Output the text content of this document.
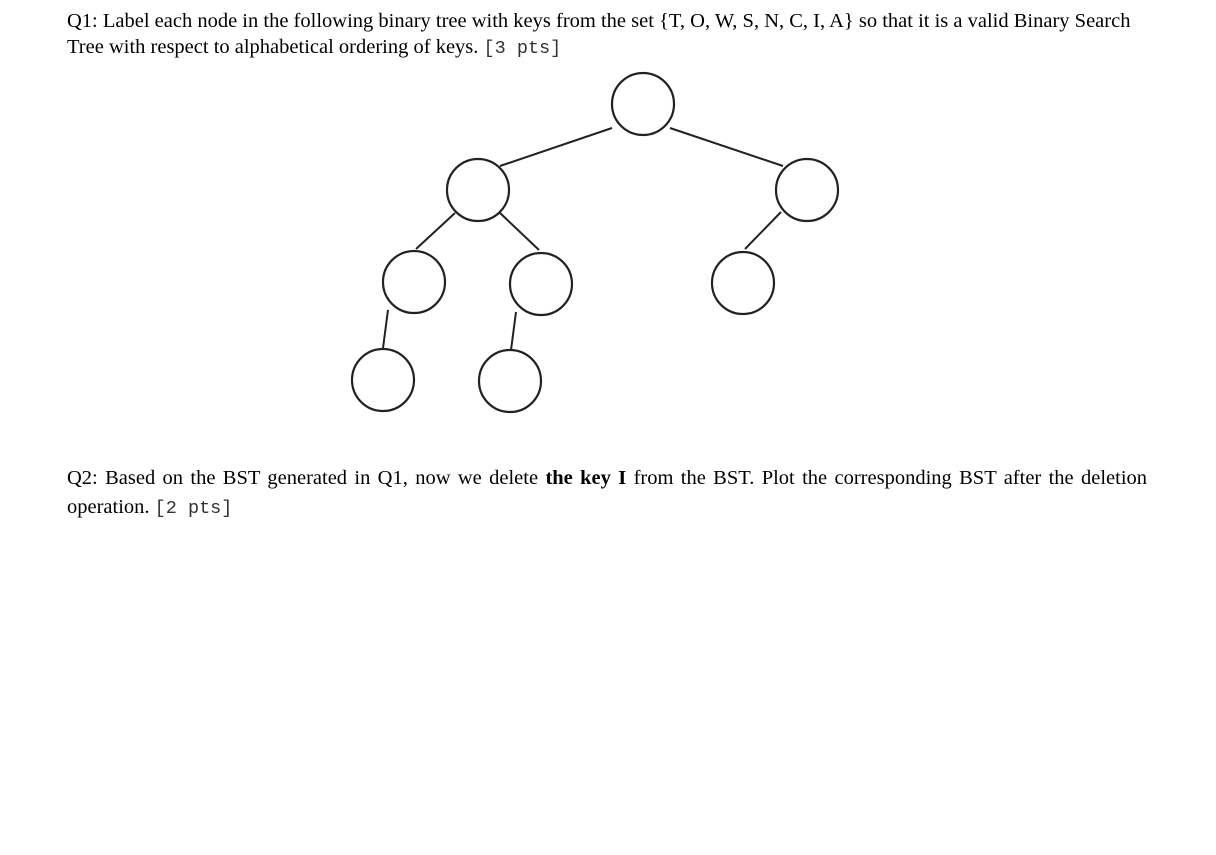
Q1: Label each node in the following binary tree with keys from the set {T, O, W, S, N, C, I, A} so that it is a valid Binary Search Tree with respect to alphabetical ordering of keys. [3 pts]
Q2: Based on the BST generated in Q1, now we delete the key I from the BST. Plot the corresponding BST after the deletion operation. [2 pts]
